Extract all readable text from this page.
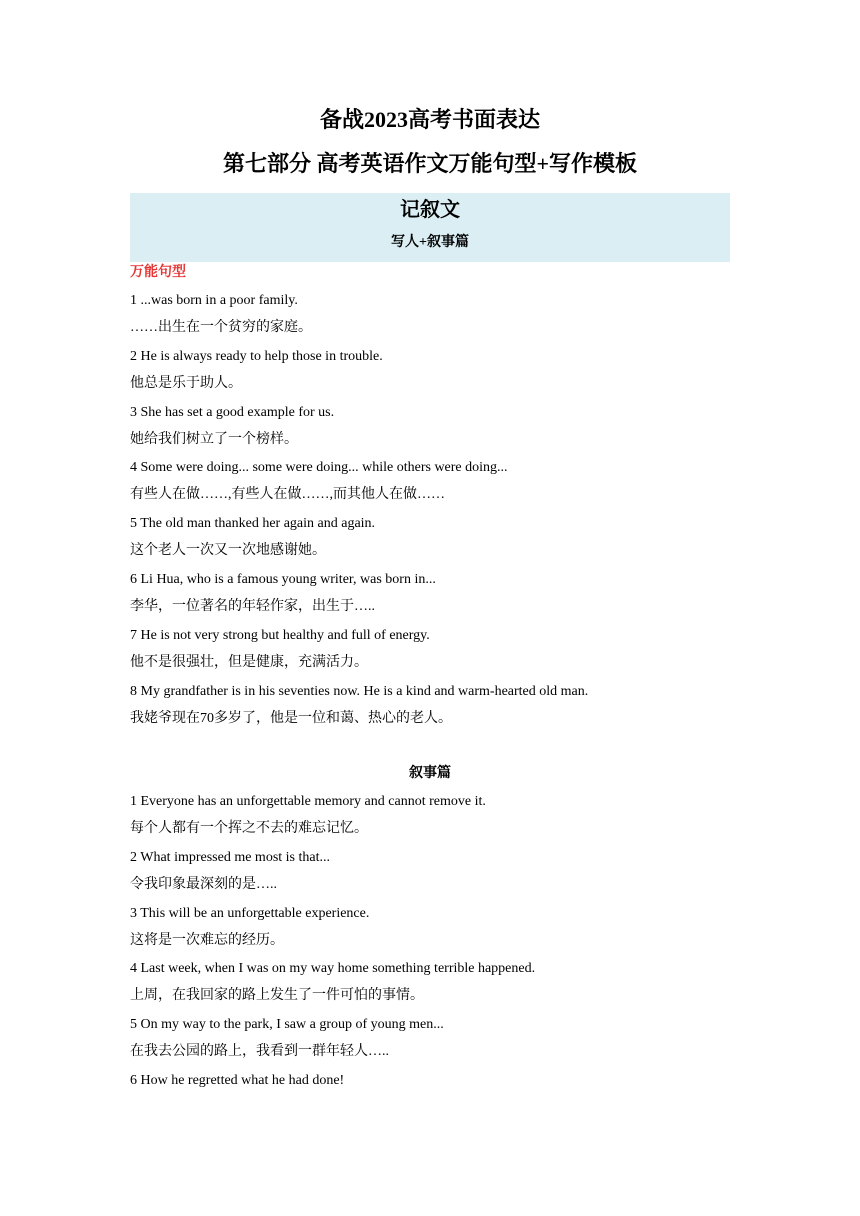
备战2023高考书面表达
第七部分 高考英语作文万能句型+写作模板
记叙文
写人+叙事篇
万能句型
1 ...was born in a poor family.
……出生在一个贫穷的家庭。
2 He is always ready to help those in trouble.
他总是乐于助人。
3 She has set a good example for us.
她给我们树立了一个榜样。
4 Some were doing... some were doing... while others were doing...
有些人在做……,有些人在做……,而其他人在做……
5 The old man thanked her again and again.
这个老人一次又一次地感谢她。
6 Li Hua, who is a famous young writer, was born in...
李华，一位著名的年轻作家，出生于…..
7 He is not very strong but healthy and full of energy.
他不是很强壮，但是健康，充满活力。
8 My grandfather is in his seventies now. He is a kind and warm-hearted old man.
我姥爷现在70多岁了，他是一位和蔼、热心的老人。
叙事篇
1 Everyone has an unforgettable memory and cannot remove it.
每个人都有一个挥之不去的难忘记忆。
2 What impressed me most is that...
令我印象最深刻的是…..
3 This will be an unforgettable experience.
这将是一次难忘的经历。
4 Last week, when I was on my way home something terrible happened.
上周，在我回家的路上发生了一件可怕的事情。
5 On my way to the park, I saw a group of young men...
在我去公园的路上，我看到一群年轻人…..
6 How he regretted what he had done!
